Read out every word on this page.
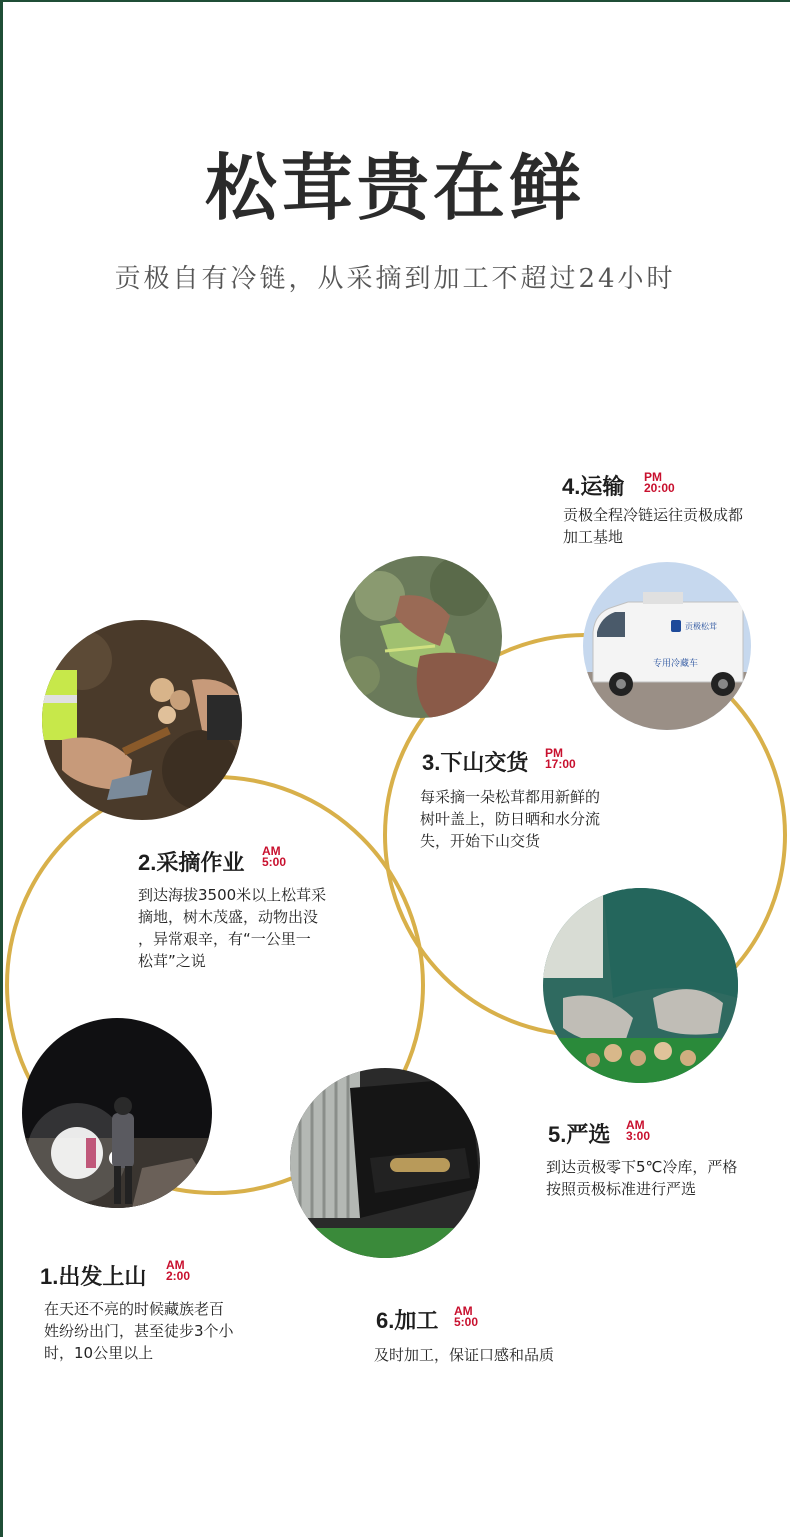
松茸贵在鲜
贡极自有冷链，从采摘到加工不超过24小时
贡极松茸
专用冷藏车
1.出发上山 AM
2:00
在天还不亮的时候藏族老百
姓纷纷出门，甚至徒步3个小
时，10公里以上
2.采摘作业 AM
5:00
到达海拔3500米以上松茸采
摘地，树木茂盛，动物出没
，异常艰辛，有“一公里一
松茸”之说
3.下山交货 PM
17:00
每采摘一朵松茸都用新鲜的
树叶盖上，防日晒和水分流
失，开始下山交货
4.运输 PM
20:00
贡极全程冷链运往贡极成都
加工基地
5.严选 AM
3:00
到达贡极零下5℃冷库，严格
按照贡极标准进行严选
6.加工 AM
5:00
及时加工，保证口感和品质
